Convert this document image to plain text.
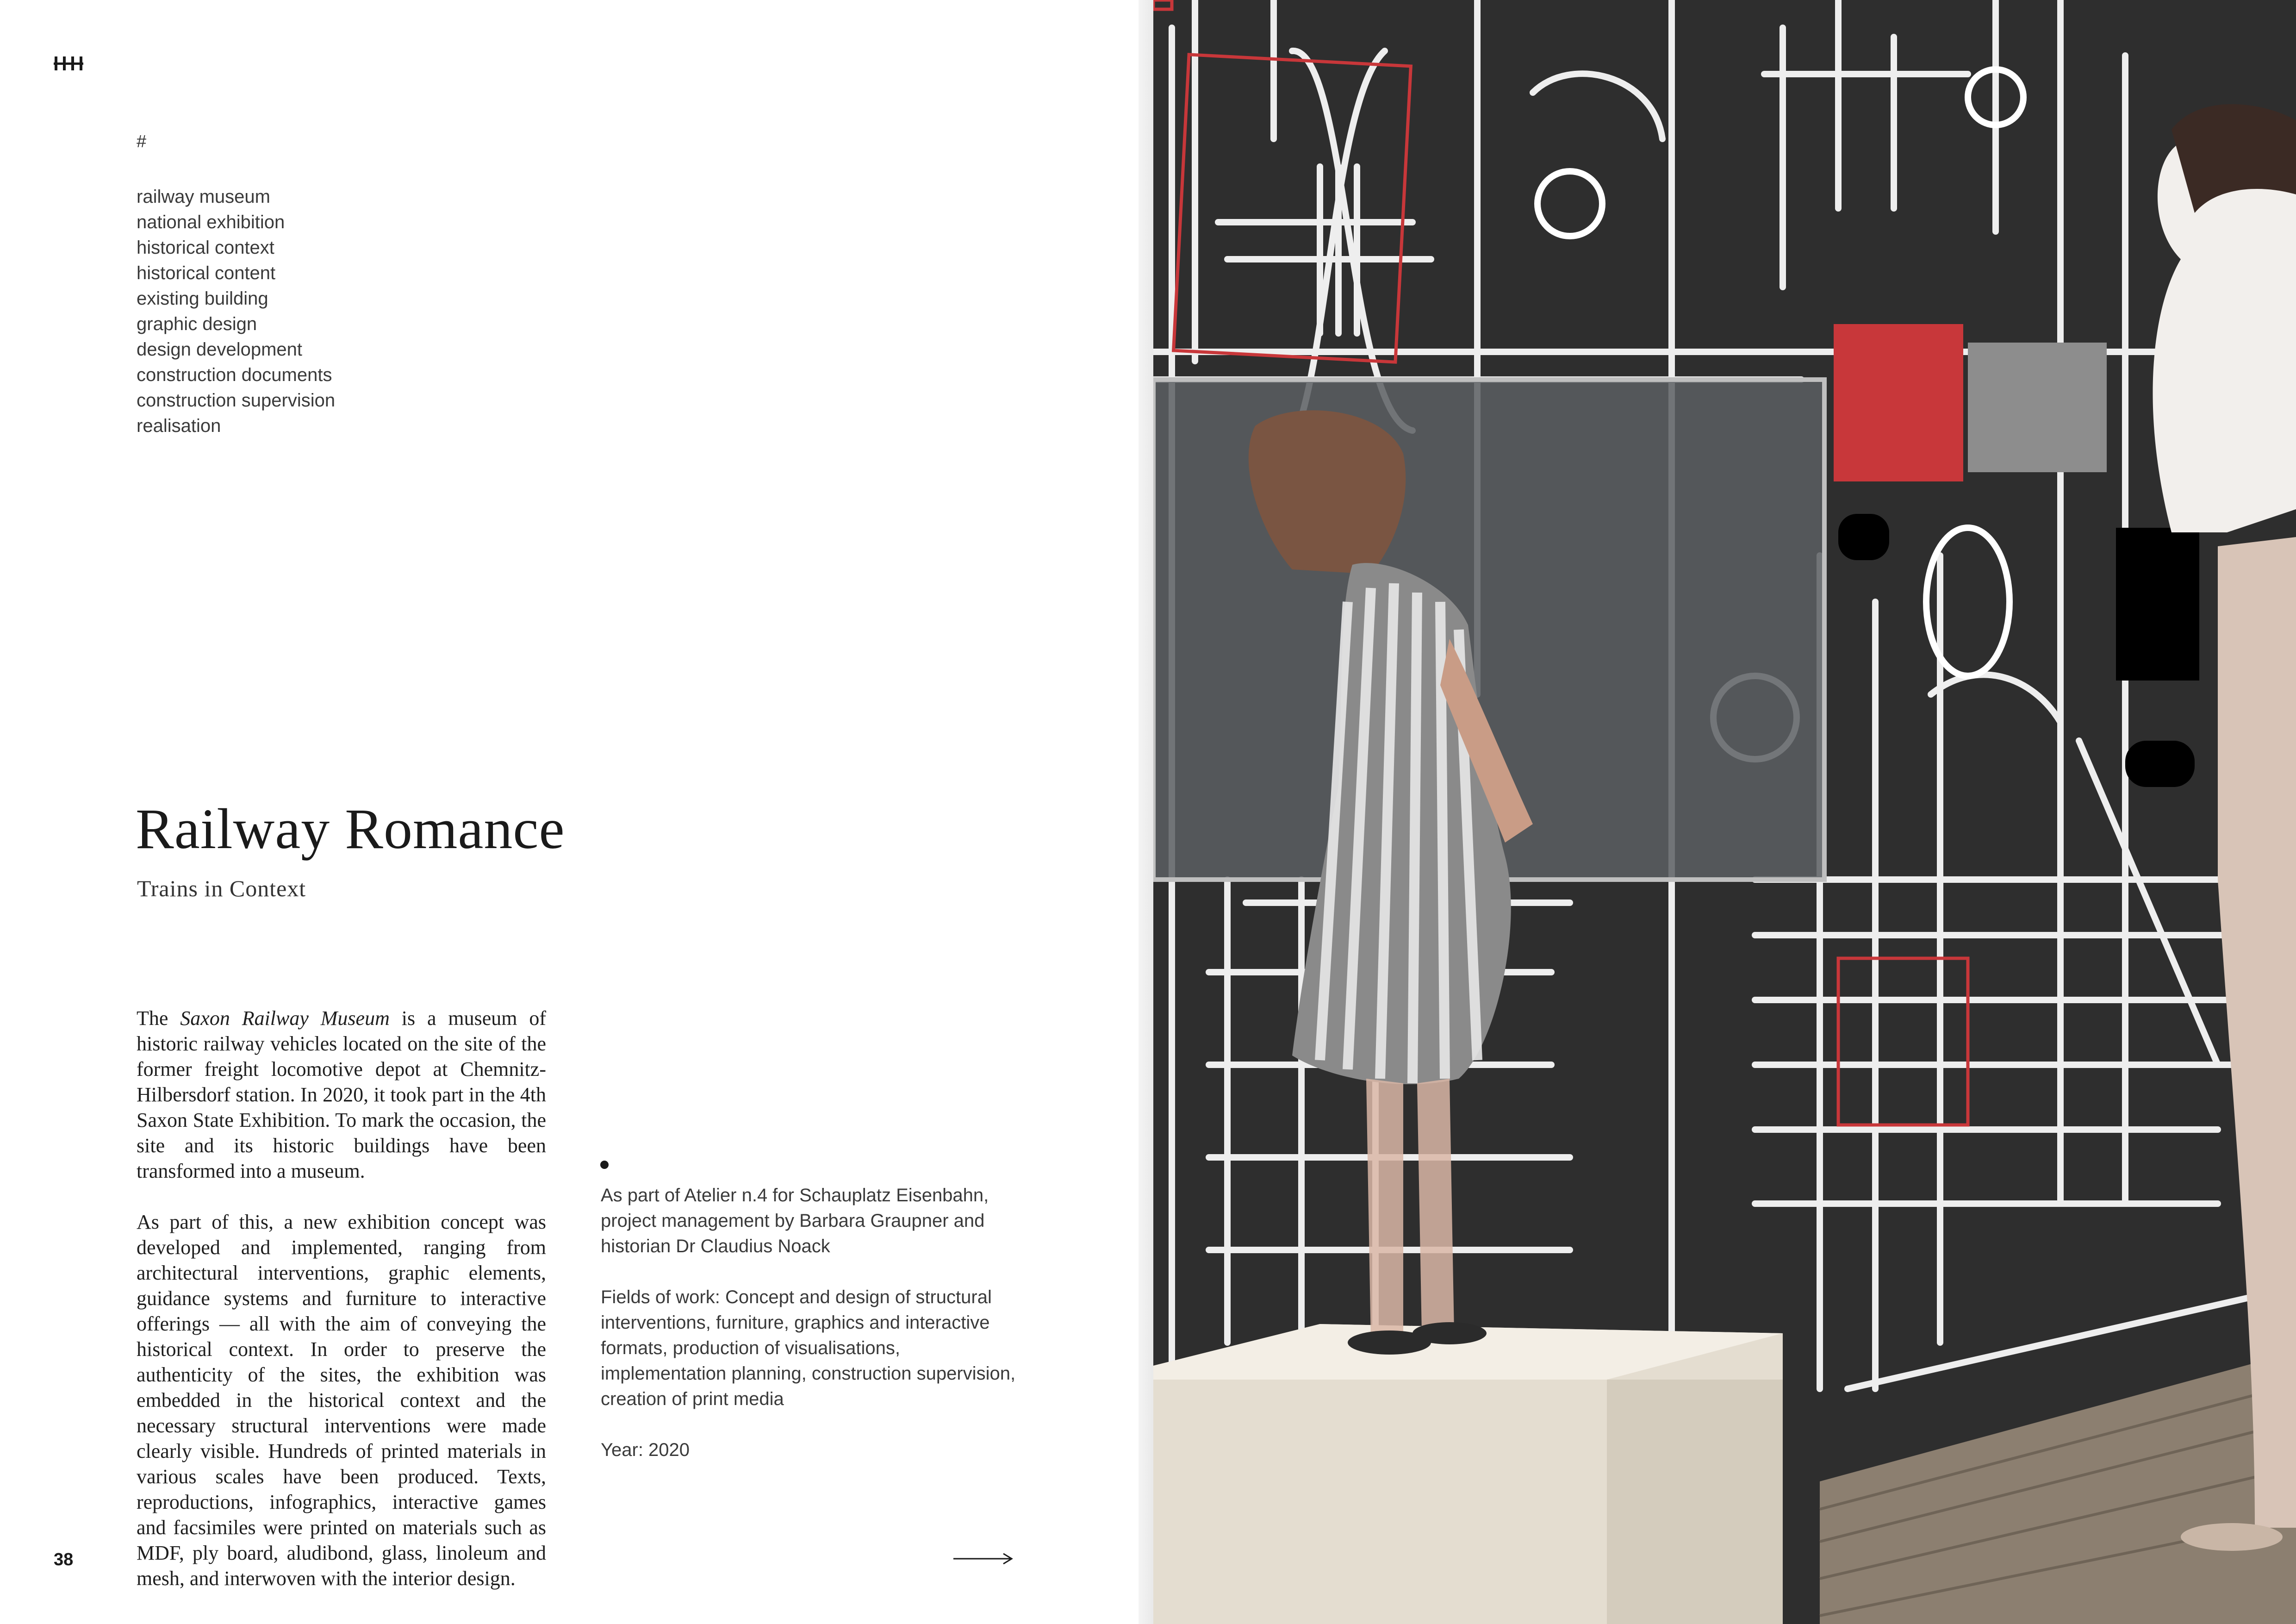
#
railway museum
national exhibition
historical context
historical content
existing building
graphic design
design development
construction documents
construction supervision
realisation
Railway Romance
Trains in Context

The Saxon Railway Museum is a museum of historic railway vehicles located on the site of the former freight locomotive depot at Chemnitz-Hilbersdorf station. In 2020, it took part in the 4th Saxon State Exhibition. To mark the occasion, the site and its historic buildings have been transformed into a museum.

As part of this, a new exhibition concept was developed and implemented, ranging from architectural interventions, graphic elements, guidance systems and furniture to interactive offerings — all with the aim of conveying the historical context. In order to preserve the authenticity of the sites, the exhibition was embedded in the historical context and the necessary structural interventions were made clearly visible. Hundreds of printed materials in various scales have been produced. Texts, reproductions, infographics, interactive games and facsimiles were printed on materials such as MDF, ply board, aludibond, glass, linoleum and mesh, and interwoven with the interior design.

As part of Atelier n.4 for Schauplatz Eisenbahn, project management by Barbara Graupner and historian Dr Claudius Noack

Fields of work: Concept and design of structural interventions, furniture, graphics and interactive formats, production of visualisations, implementation planning, construction supervision, creation of print media

Year: 2020

38
